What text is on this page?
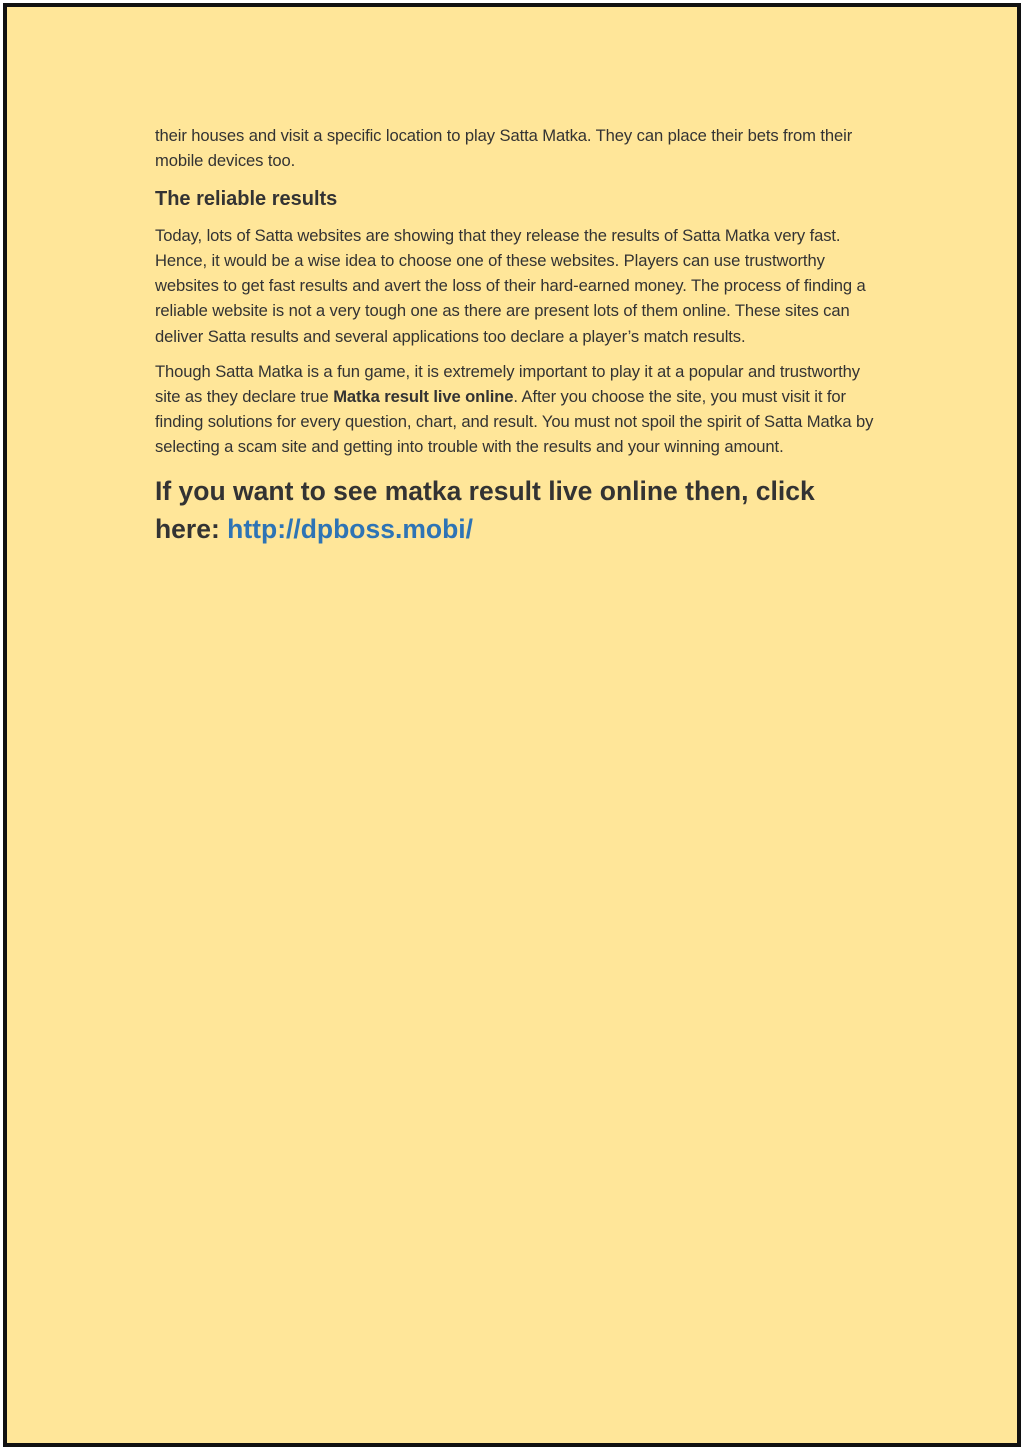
their houses and visit a specific location to play Satta Matka. They can place their bets from their mobile devices too.

The reliable results

Today, lots of Satta websites are showing that they release the results of Satta Matka very fast. Hence, it would be a wise idea to choose one of these websites. Players can use trustworthy websites to get fast results and avert the loss of their hard-earned money. The process of finding a reliable website is not a very tough one as there are present lots of them online. These sites can deliver Satta results and several applications too declare a player’s match results.

Though Satta Matka is a fun game, it is extremely important to play it at a popular and trustworthy site as they declare true Matka result live online. After you choose the site, you must visit it for finding solutions for every question, chart, and result. You must not spoil the spirit of Satta Matka by selecting a scam site and getting into trouble with the results and your winning amount.

If you want to see matka result live online then, click here: http://dpboss.mobi/
